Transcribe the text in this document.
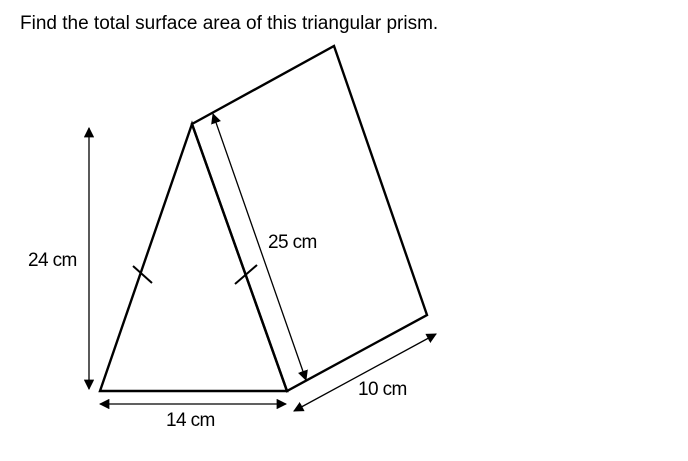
Find the total surface area of this triangular prism.
24 cm
25 cm
14 cm
10 cm
